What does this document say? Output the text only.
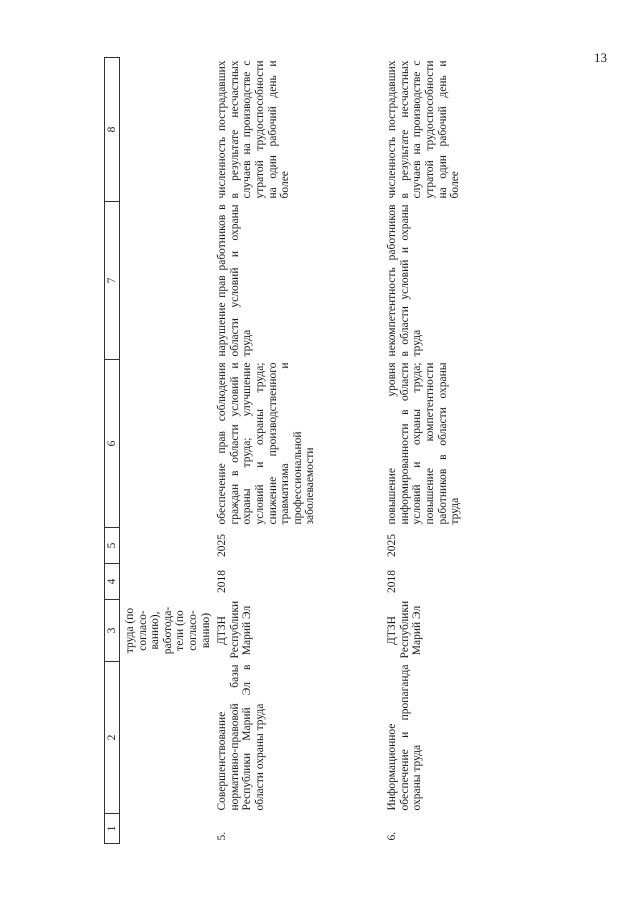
13
1	2	3	4	5	6	7	8
		труда (по согласо-ванию), работода-тели (по согласо-ванию)					
5.	Совершенствование нормативно-правовой базы Республики Марий Эл в области охраны труда	ДТЗН Республики Марий Эл	2018	2025	обеспечение прав соблюдения граждан в области условий и охраны труда; улучшение условий и охраны труда; снижение производственного травматизма и профессиональной заболеваемости	нарушение прав работников в области условий и охраны труда	численность пострадавших в результате несчастных случаев на производстве с утратой трудоспособности на один рабочий день и более
6.	Информационное обеспечение и пропаганда охраны труда	ДТЗН Республики Марий Эл	2018	2025	повышение уровня информированности в области условий и охраны труда; повышение компетентности работников в области охраны труда	некомпетентность работников в области условий и охраны труда	численность пострадавших в результате несчастных случаев на производстве с утратой трудоспособности на один рабочий день и более
